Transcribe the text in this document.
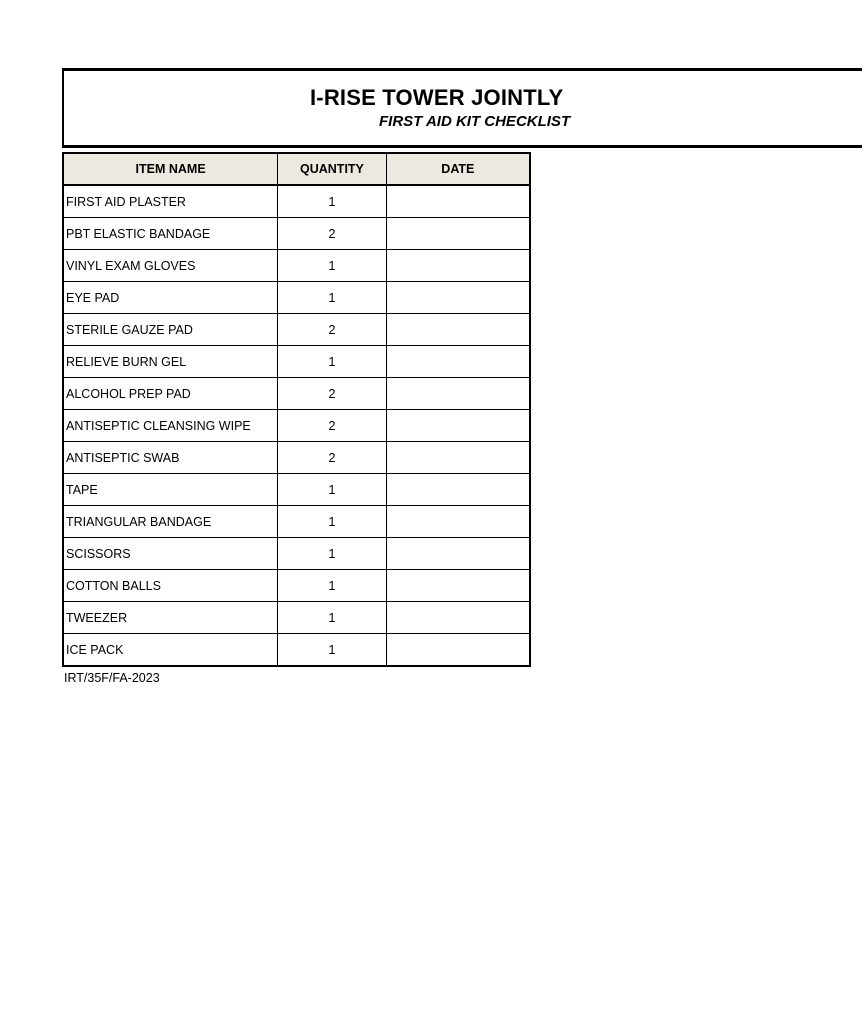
I-RISE TOWER JOINTLY
FIRST AID KIT CHECKLIST
ITEM NAME	QUANTITY	DATE
FIRST AID PLASTER	1	
PBT ELASTIC BANDAGE	2	
VINYL EXAM GLOVES	1	
EYE PAD	1	
STERILE GAUZE PAD	2	
RELIEVE BURN GEL	1	
ALCOHOL PREP PAD	2	
ANTISEPTIC CLEANSING WIPE	2	
ANTISEPTIC SWAB	2	
TAPE	1	
TRIANGULAR BANDAGE	1	
SCISSORS	1	
COTTON BALLS	1	
TWEEZER	1	
ICE PACK	1	
IRT/35F/FA-2023
